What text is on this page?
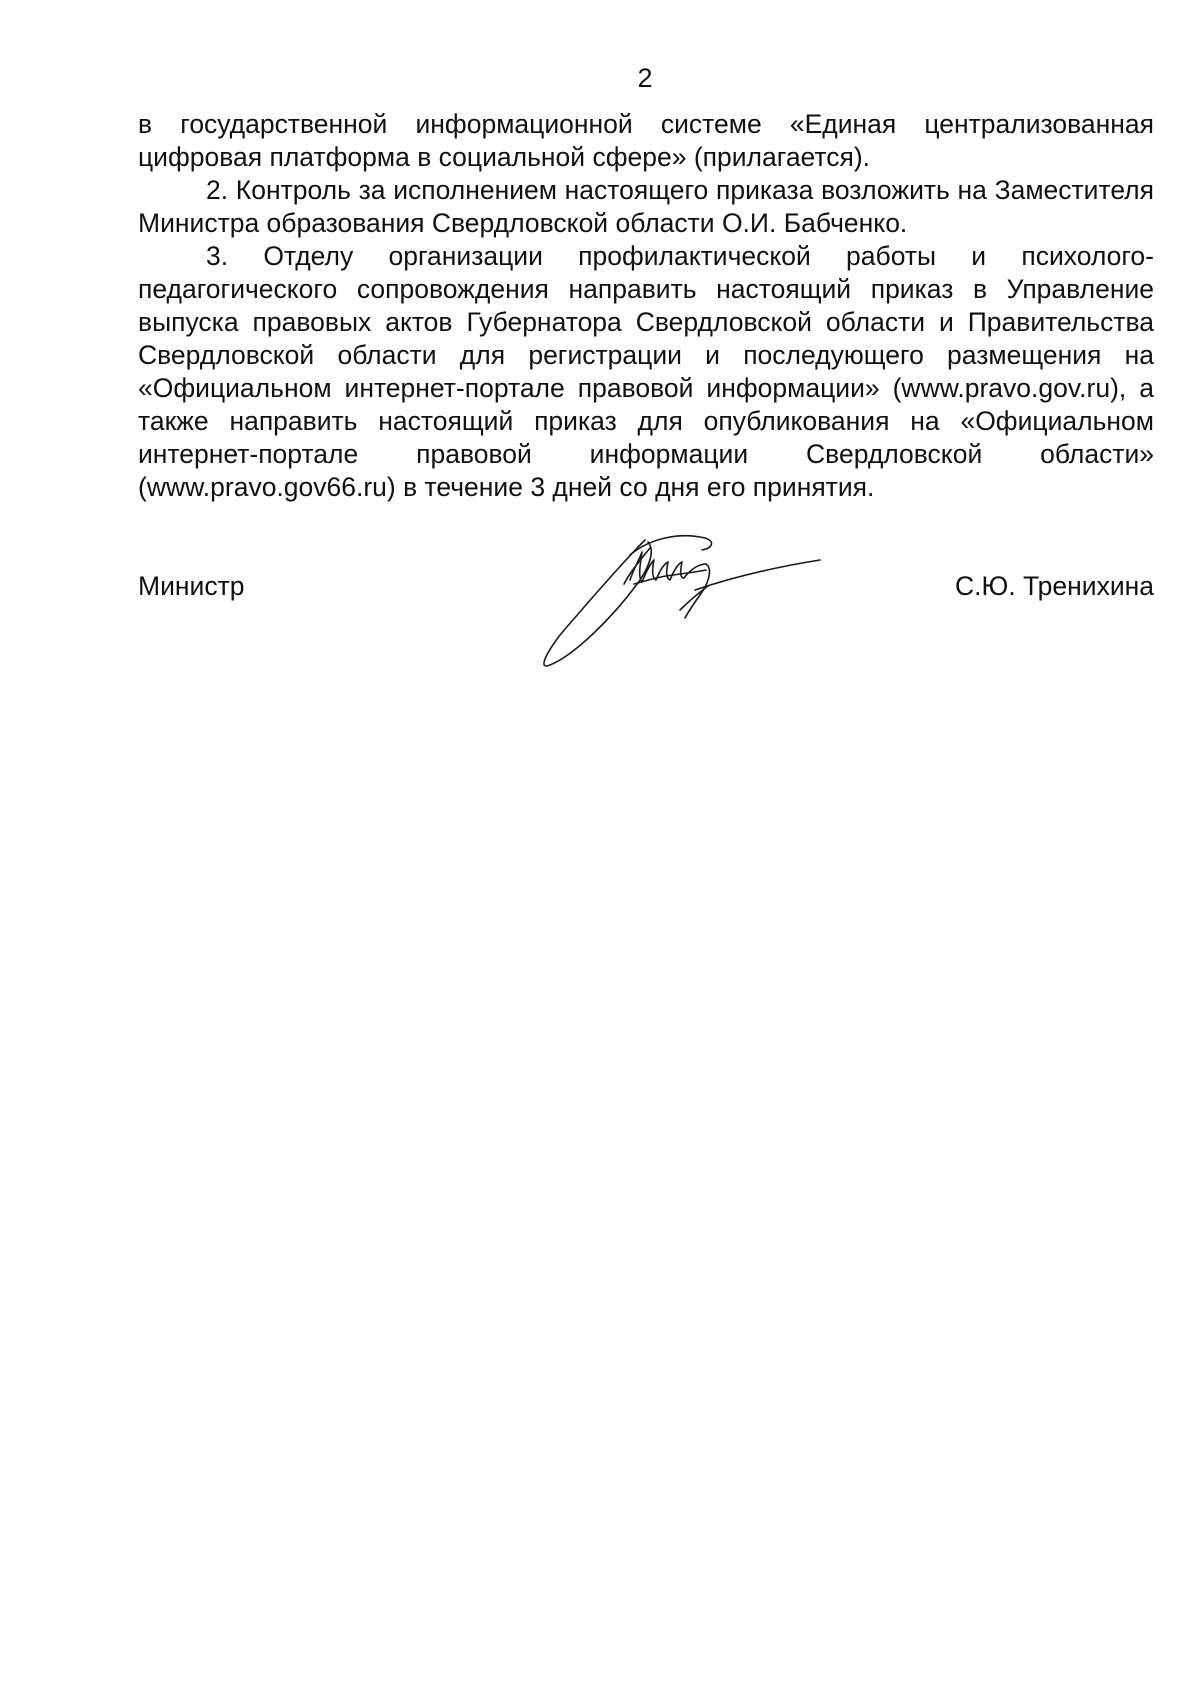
2

в государственной информационной системе «Единая централизованная цифровая платформа в социальной сфере» (прилагается).

2. Контроль за исполнением настоящего приказа возложить на Заместителя Министра образования Свердловской области О.И. Бабченко.

3. Отделу организации профилактической работы и психолого-педагогического сопровождения направить настоящий приказ в Управление выпуска правовых актов Губернатора Свердловской области и Правительства Свердловской области для регистрации и последующего размещения на «Официальном интернет-портале правовой информации» (www.pravo.gov.ru), а также направить настоящий приказ для опубликования на «Официальном интернет-портале правовой информации Свердловской области» (www.pravo.gov66.ru) в течение 3 дней со дня его принятия.

Министр	С.Ю. Тренихина
